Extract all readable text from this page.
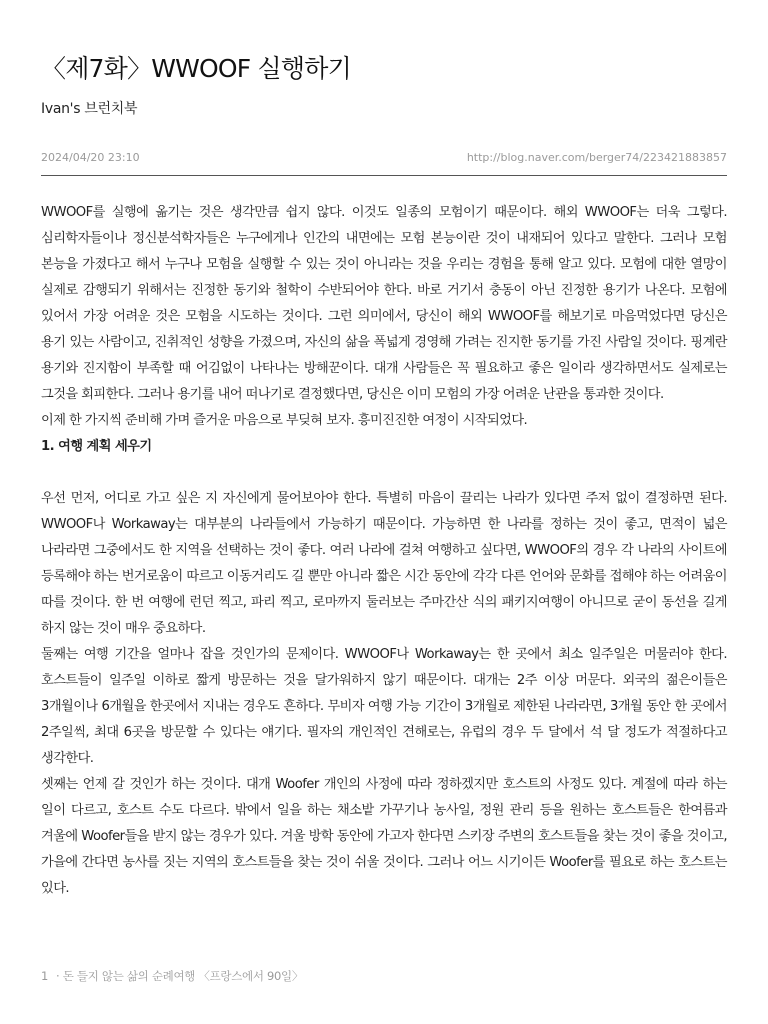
〈제7화〉WWOOF 실행하기
Ivan's 브런치북
2024/04/20 23:10	http://blog.naver.com/berger74/223421883857

WWOOF를 실행에 옮기는 것은 생각만큼 쉽지 않다. 이것도 일종의 모험이기 때문이다. 해외 WWOOF는 더욱 그렇다. 심리학자들이나 정신분석학자들은 누구에게나 인간의 내면에는 모험 본능이란 것이 내재되어 있다고 말한다. 그러나 모험 본능을 가졌다고 해서 누구나 모험을 실행할 수 있는 것이 아니라는 것을 우리는 경험을 통해 알고 있다. 모험에 대한 열망이 실제로 감행되기 위해서는 진정한 동기와 철학이 수반되어야 한다. 바로 거기서 충동이 아닌 진정한 용기가 나온다. 모험에 있어서 가장 어려운 것은 모험을 시도하는 것이다. 그런 의미에서, 당신이 해외 WWOOF를 해보기로 마음먹었다면 당신은 용기 있는 사람이고, 진취적인 성향을 가졌으며, 자신의 삶을 폭넓게 경영해 가려는 진지한 동기를 가진 사람일 것이다. 핑계란 용기와 진지함이 부족할 때 어김없이 나타나는 방해꾼이다. 대개 사람들은 꼭 필요하고 좋은 일이라 생각하면서도 실제로는 그것을 회피한다. 그러나 용기를 내어 떠나기로 결정했다면, 당신은 이미 모험의 가장 어려운 난관을 통과한 것이다.

이제 한 가지씩 준비해 가며 즐거운 마음으로 부딪혀 보자. 흥미진진한 여정이 시작되었다.

1. 여행 계획 세우기

우선 먼저, 어디로 가고 싶은 지 자신에게 물어보아야 한다. 특별히 마음이 끌리는 나라가 있다면 주저 없이 결정하면 된다. WWOOF나 Workaway는 대부분의 나라들에서 가능하기 때문이다. 가능하면 한 나라를 정하는 것이 좋고, 면적이 넓은 나라라면 그중에서도 한 지역을 선택하는 것이 좋다. 여러 나라에 걸쳐 여행하고 싶다면, WWOOF의 경우 각 나라의 사이트에 등록해야 하는 번거로움이 따르고 이동거리도 길 뿐만 아니라 짧은 시간 동안에 각각 다른 언어와 문화를 접해야 하는 어려움이 따를 것이다. 한 번 여행에 런던 찍고, 파리 찍고, 로마까지 둘러보는 주마간산 식의 패키지여행이 아니므로 굳이 동선을 길게 하지 않는 것이 매우 중요하다.

둘째는 여행 기간을 얼마나 잡을 것인가의 문제이다. WWOOF나 Workaway는 한 곳에서 최소 일주일은 머물러야 한다. 호스트들이 일주일 이하로 짧게 방문하는 것을 달가워하지 않기 때문이다. 대개는 2주 이상 머문다. 외국의 젊은이들은 3개월이나 6개월을 한곳에서 지내는 경우도 흔하다. 무비자 여행 가능 기간이 3개월로 제한된 나라라면, 3개월 동안 한 곳에서 2주일씩, 최대 6곳을 방문할 수 있다는 얘기다. 필자의 개인적인 견해로는, 유럽의 경우 두 달에서 석 달 정도가 적절하다고 생각한다.

셋째는 언제 갈 것인가 하는 것이다. 대개 Woofer 개인의 사정에 따라 정하겠지만 호스트의 사정도 있다. 계절에 따라 하는 일이 다르고, 호스트 수도 다르다. 밖에서 일을 하는 채소밭 가꾸기나 농사일, 정원 관리 등을 원하는 호스트들은 한여름과 겨울에 Woofer들을 받지 않는 경우가 있다. 겨울 방학 동안에 가고자 한다면 스키장 주변의 호스트들을 찾는 것이 좋을 것이고, 가을에 간다면 농사를 짓는 지역의 호스트들을 찾는 것이 쉬울 것이다. 그러나 어느 시기이든 Woofer를 필요로 하는 호스트는 있다.

1 · 돈 들지 않는 삶의 순례여행 〈프랑스에서 90일〉
